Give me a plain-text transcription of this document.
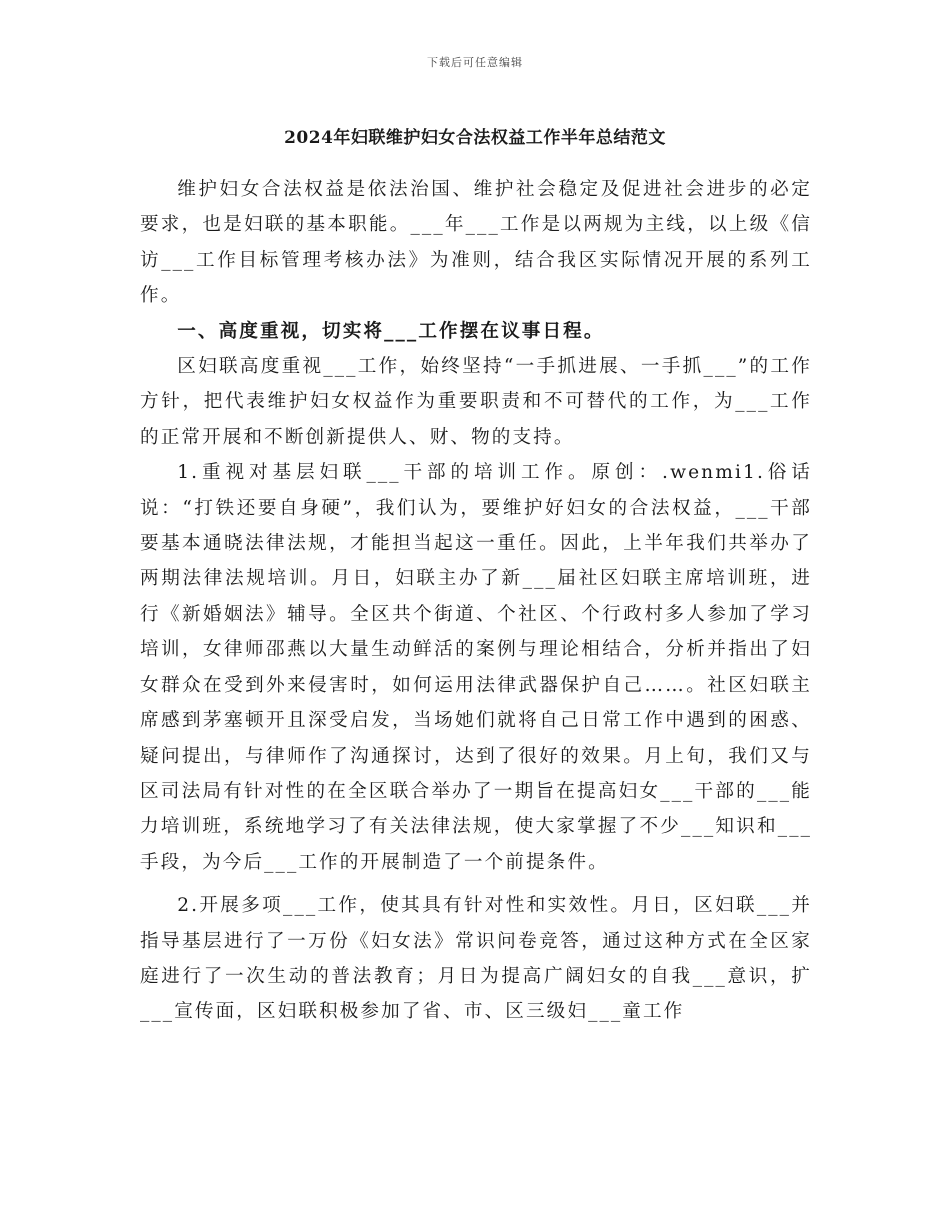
下载后可任意编辑
2024年妇联维护妇女合法权益工作半年总结范文

维护妇女合法权益是依法治国、维护社会稳定及促进社会进步的必定要求，也是妇联的基本职能。___年___工作是以两规为主线，以上级《信访___工作目标管理考核办法》为准则，结合我区实际情况开展的系列工作。

一、高度重视，切实将___工作摆在议事日程。

区妇联高度重视___工作，始终坚持“一手抓进展、一手抓___”的工作方针，把代表维护妇女权益作为重要职责和不可替代的工作，为___工作的正常开展和不断创新提供人、财、物的支持。

1.重视对基层妇联___干部的培训工作。原创：.wenmi1.俗话说：“打铁还要自身硬”，我们认为，要维护好妇女的合法权益，___干部要基本通晓法律法规，才能担当起这一重任。因此，上半年我们共举办了两期法律法规培训。月日，妇联主办了新___届社区妇联主席培训班，进行《新婚姻法》辅导。全区共个街道、个社区、个行政村多人参加了学习培训，女律师邵燕以大量生动鲜活的案例与理论相结合，分析并指出了妇女群众在受到外来侵害时，如何运用法律武器保护自己……。社区妇联主席感到茅塞顿开且深受启发，当场她们就将自己日常工作中遇到的困惑、疑问提出，与律师作了沟通探讨，达到了很好的效果。月上旬，我们又与区司法局有针对性的在全区联合举办了一期旨在提高妇女___干部的___能力培训班，系统地学习了有关法律法规，使大家掌握了不少___知识和___手段，为今后___工作的开展制造了一个前提条件。

2.开展多项___工作，使其具有针对性和实效性。月日，区妇联___并指导基层进行了一万份《妇女法》常识问卷竞答，通过这种方式在全区家庭进行了一次生动的普法教育；月日为提高广阔妇女的自我___意识，扩___宣传面，区妇联积极参加了省、市、区三级妇___童工作
